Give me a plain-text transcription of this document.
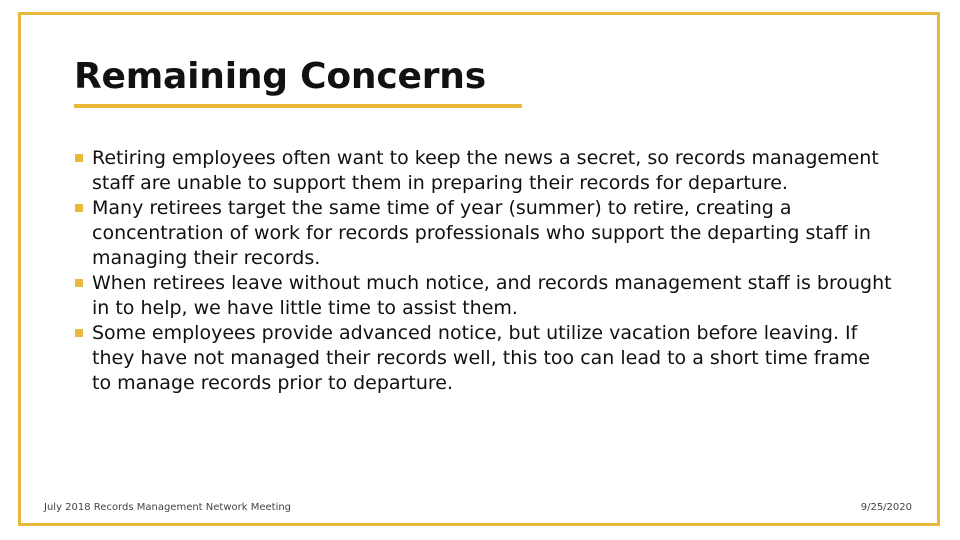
Remaining Concerns
Retiring employees often want to keep the news a secret, so records management staff are unable to support them in preparing their records for departure.
Many retirees target the same time of year (summer) to retire, creating a concentration of work for records professionals who support the departing staff in managing their records.
When retirees leave without much notice, and records management staff is brought in to help, we have little time to assist them.
Some employees provide advanced notice, but utilize vacation before leaving. If they have not managed their records well, this too can lead to a short time frame to manage records prior to departure.
July 2018 Records Management Network Meeting	9/25/2020
